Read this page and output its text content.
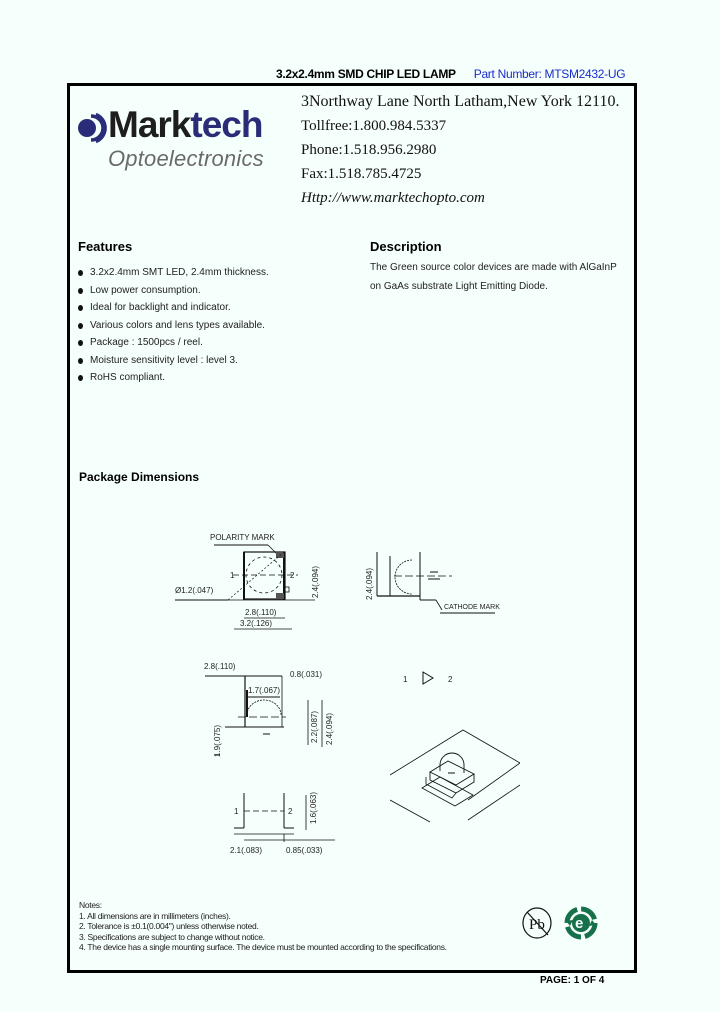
3.2x2.4mm SMD CHIP LED LAMP Part Number: MTSM2432-UG
Marktech
Optoelectronics
3Northway Lane North Latham,New York 12110.
Tollfree:1.800.984.5337
Phone:1.518.956.2980
Fax:1.518.785.4725
Http://www.marktechopto.com
Features
3.2x2.4mm SMT LED, 2.4mm thickness.
Low power consumption.
Ideal for backlight and indicator.
Various colors and lens types available.
Package : 1500pcs / reel.
Moisture sensitivity level : level 3.
RoHS compliant.
Description
The Green source color devices are made with AlGaInP on GaAs substrate Light Emitting Diode.
Package Dimensions
POLARITY MARK
1	2
Ø1.2(.047)
2.8(.110)
3.2(.126)
2.4(.094)	2.4(.094)
CATHODE MARK
2.8(.110)
0.8(.031)
1.7(.067)
1.9(.075)	2.2(.087) 2.4(.094)
1	2 1.6(.063)
2.1(.083)	0.85(.033)
1	2
Notes:
1. All dimensions are in millimeters (inches).
2. Tolerance is ±0.1(0.004") unless otherwise noted.
3. Specifications are subject to change without notice.
4. The device has a single mounting surface. The device must be mounted according to the specifications.
Pb e
PAGE: 1 OF 4
